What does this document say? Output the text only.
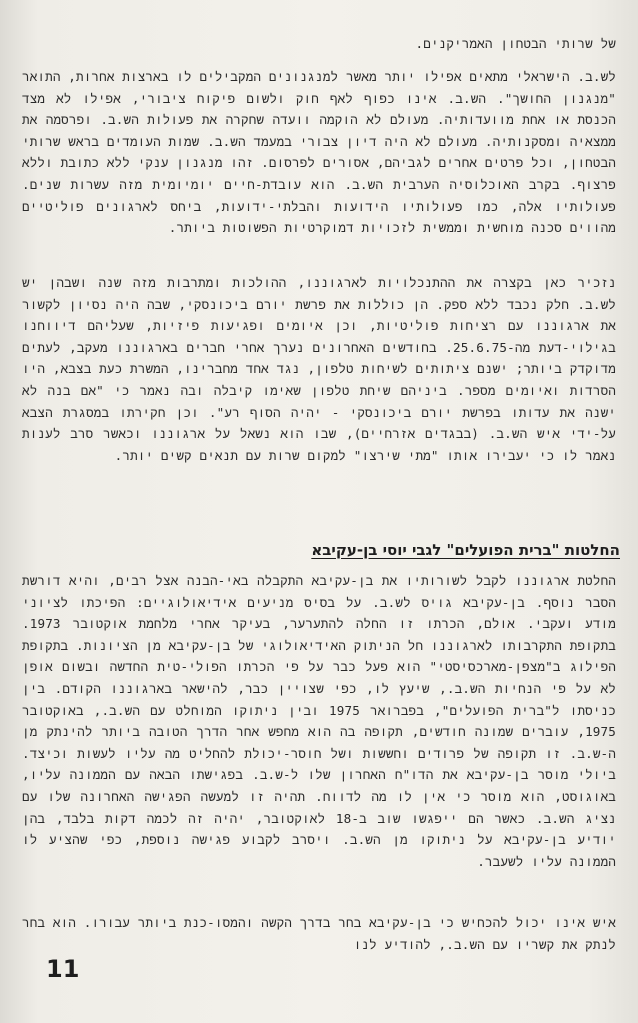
של שרותי הבטחון האמריקנים.

לש.ב. הישראלי מתאים אפילו יותר מאשר למנגנונים המקבילים לו בארצות אחרות, התואר "מנגנון החושך". הש.ב. אינו כפוף לאף חוק ולשום פיקוח ציבורי, אפילו לא מצד הכנסת או אחת מוועדותיה. מעולם לא הוקמה וועדה שחקרה את פעולות הש.ב. ופרסמה את ממצאיה ומסקנותיה. מעולם לא היה דיון צבורי במעמד הש.ב. שמות העומדים בראש שרותי הבטחון, וכל פרטים אחרים לגביהם, אסורים לפרסום. זהו מנגנון ענקי ללא כתובת וללא פרצוף. בקרב האוכלוסיה הערבית הש.ב. הוא עובדת-חיים יומיומית מזה עשרות שנים. פעולותיו אלה, כמו פעולותיו הידועות והבלתי-ידועות, ביחס לארגונים פוליטיים מהווים סכנה מוחשית וממשית לזכויות דמוקרטיות הפשוטות ביותר.

נזכיר כאן בקצרה את ההתנכלויות לארגוננו, ההולכות ומתרבות מזה שנה ושבהן יש לש.ב. חלק נכבד ללא ספק. הן כוללות את פרשת יורם ביכונסקי, שבה היה נסיון לקשור את ארגוננו עם רציחות פוליטיות, וכן איומים ופגיעות פיזיות, שעליהם דיווחנו בגילוי-דעת מה-25.6.75. בחודשים האחרונים נערך אחרי חברים בארגוננו מעקב, לעתים מדוקדק ביותר; ישנם ציתותים לשיחות טלפון, נגד אחד מחברינו, המשרת כעת בצבא, היו הסרדות ואיומים מספר. ביניהם שיחת טלפון שאימו קיבלה ובה נאמר כי "אם בנה לא ישנה את עדותו בפרשת יורם ביכונסקי - יהיה הסוף רע". וכן חקירתו במסגרת הצבא על-ידי איש הש.ב. (בבגדים אזרחיים), שבו הוא נשאל על ארגוננו וכאשר סרב לענות נאמר לו כי יעבירו אותו "מתי שירצו" למקום שרות עם תנאים קשים יותר.

החלטות "ברית הפועלים" לגבי יוסי בן-עקיבא

החלטת ארגוננו לקבל לשורותיו את בן-עקיבא התקבלה באי-הבנה אצל רבים, והיא דורשת הסבר נוסף. בן-עקיבא גויס לש.ב. על בסיס מניעים אידיאולוגיים: הפיכתו לציוני מודע ועקבי. אולם, הכרתו זו החלה להתערער, בעיקר אחרי מלחמת אוקטובר 1973. בתקופת התקרבותו לארגוננו חל הניתוק האידיאולוגי של בן-עקיבא מן הציונות. בתקופת הפילוג ב"מצפן-מארכסיסטי" הוא פעל כבר על פי הכרתו הפולי-טית החדשה ובשום אופן לא על פי הנחיות הש.ב., שיעץ לו, כפי שצויין כבר, להישאר בארגוננו הקודם. בין כניסתו ל"ברית הפועלים", בפברואר 1975 ובין ניתוקו המוחלט עם הש.ב., באוקטובר 1975, עוברים שמונה חודשים, תקופה בה הוא מחפש אחר הדרך הטובה ביותר להינתק מן ה-ש.ב. זו תקופה של פרודים וחששות ושל חוסר-יכולת להחליט מה עליו לעשות וכיצד. ביולי מוסר בן-עקיבא את הדו"ח האחרון שלו ל-ש.ב. בפגישתו הבאה עם הממונה עליו, באוגוסט, הוא מוסר כי אין לו מה לדווח. תהיה זו למעשה הפגישה האחרונה שלו עם נציג הש.ב. כאשר הם ייפגשו שוב ב-18 לאוקטובר, יהיה זה לכמה דקות בלבד, בהן יודיע בן-עקיבא על ניתוקו מן הש.ב. ויסרב לקבוע פגישה נוספת, כפי שהציע לו הממונה עליו לשעבר.

איש אינו יכול להכחיש כי בן-עקיבא בחר בדרך הקשה והמסו-כנת ביותר עבורו. הוא בחר לנתק את קשריו עם הש.ב., להודיע לנו

11
